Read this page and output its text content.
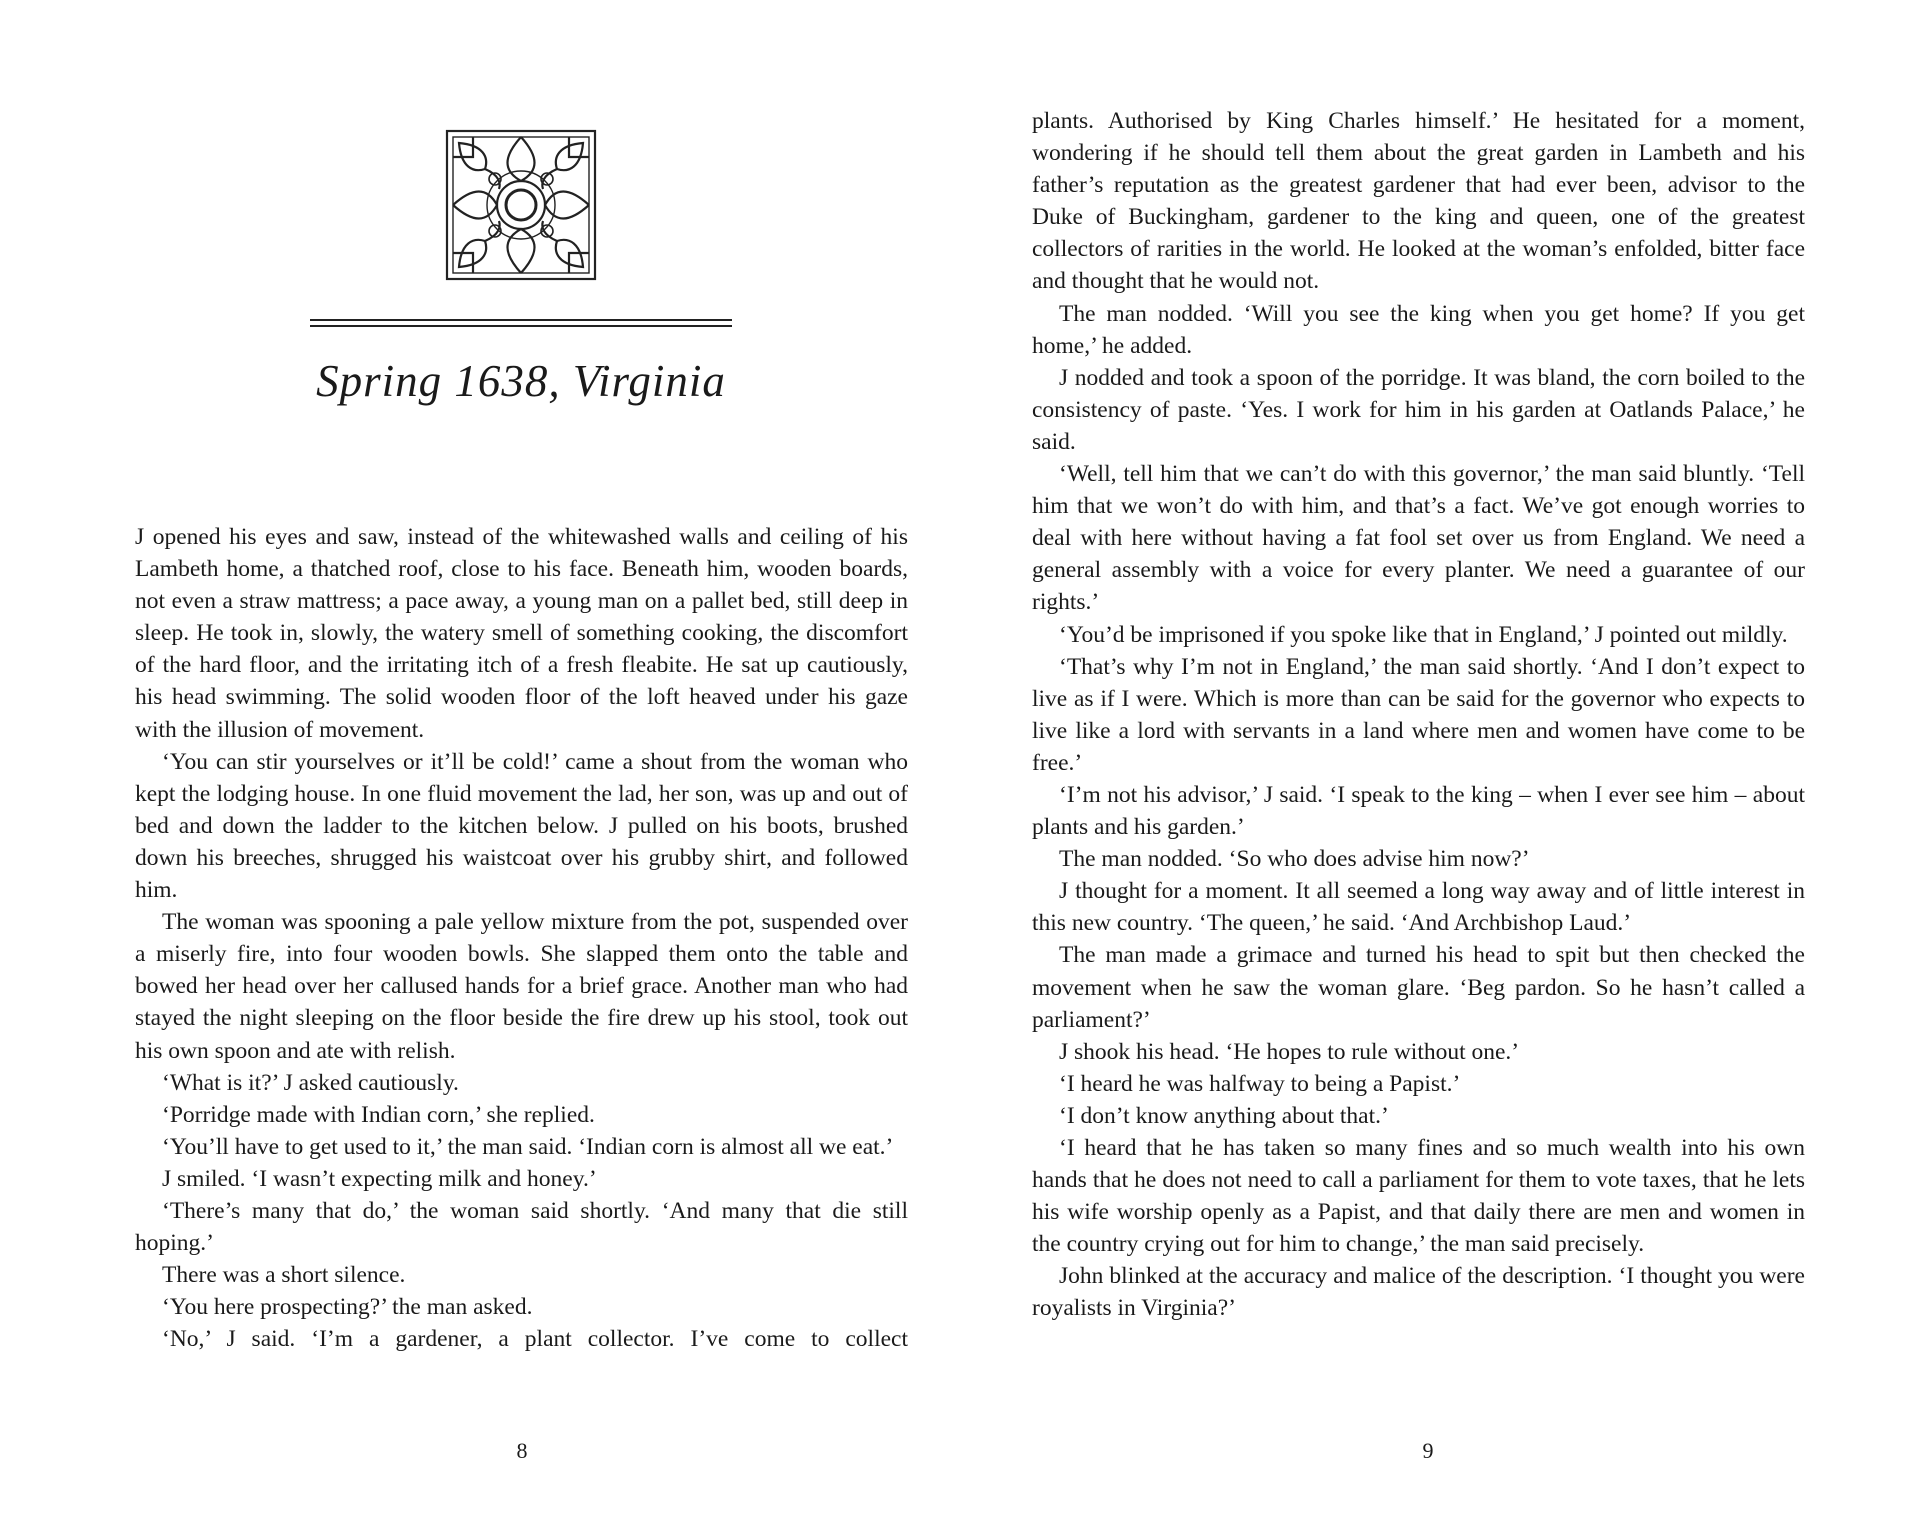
Spring 1638, Virginia

J opened his eyes and saw, instead of the whitewashed walls and ceiling of his Lambeth home, a thatched roof, close to his face. Beneath him, wooden boards, not even a straw mattress; a pace away, a young man on a pallet bed, still deep in sleep. He took in, slowly, the watery smell of something cooking, the discomfort of the hard floor, and the irritating itch of a fresh fleabite. He sat up cautiously, his head swimming. The solid wooden floor of the loft heaved under his gaze with the illusion of movement.

‘You can stir yourselves or it’ll be cold!’ came a shout from the woman who kept the lodging house. In one fluid movement the lad, her son, was up and out of bed and down the ladder to the kitchen below. J pulled on his boots, brushed down his breeches, shrugged his waistcoat over his grubby shirt, and followed him.

The woman was spooning a pale yellow mixture from the pot, suspended over a miserly fire, into four wooden bowls. She slapped them onto the table and bowed her head over her callused hands for a brief grace. Another man who had stayed the night sleeping on the floor beside the fire drew up his stool, took out his own spoon and ate with relish.

‘What is it?’ J asked cautiously.

‘Porridge made with Indian corn,’ she replied.

‘You’ll have to get used to it,’ the man said. ‘Indian corn is almost all we eat.’

J smiled. ‘I wasn’t expecting milk and honey.’

‘There’s many that do,’ the woman said shortly. ‘And many that die still hoping.’

There was a short silence.

‘You here prospecting?’ the man asked.

‘No,’ J said. ‘I’m a gardener, a plant collector. I’ve come to collect

8

plants. Authorised by King Charles himself.’ He hesitated for a moment, wondering if he should tell them about the great garden in Lambeth and his father’s reputation as the greatest gardener that had ever been, advisor to the Duke of Buckingham, gardener to the king and queen, one of the greatest collectors of rarities in the world. He looked at the woman’s enfolded, bitter face and thought that he would not.

The man nodded. ‘Will you see the king when you get home? If you get home,’ he added.

J nodded and took a spoon of the porridge. It was bland, the corn boiled to the consistency of paste. ‘Yes. I work for him in his garden at Oatlands Palace,’ he said.

‘Well, tell him that we can’t do with this governor,’ the man said bluntly. ‘Tell him that we won’t do with him, and that’s a fact. We’ve got enough worries to deal with here without having a fat fool set over us from England. We need a general assembly with a voice for every planter. We need a guarantee of our rights.’

‘You’d be imprisoned if you spoke like that in England,’ J pointed out mildly.

‘That’s why I’m not in England,’ the man said shortly. ‘And I don’t expect to live as if I were. Which is more than can be said for the governor who expects to live like a lord with servants in a land where men and women have come to be free.’

‘I’m not his advisor,’ J said. ‘I speak to the king – when I ever see him – about plants and his garden.’

The man nodded. ‘So who does advise him now?’

J thought for a moment. It all seemed a long way away and of little interest in this new country. ‘The queen,’ he said. ‘And Archbishop Laud.’

The man made a grimace and turned his head to spit but then checked the movement when he saw the woman glare. ‘Beg pardon. So he hasn’t called a parliament?’

J shook his head. ‘He hopes to rule without one.’

‘I heard he was halfway to being a Papist.’

‘I don’t know anything about that.’

‘I heard that he has taken so many fines and so much wealth into his own hands that he does not need to call a parliament for them to vote taxes, that he lets his wife worship openly as a Papist, and that daily there are men and women in the country crying out for him to change,’ the man said precisely.

John blinked at the accuracy and malice of the description. ‘I thought you were royalists in Virginia?’

9
